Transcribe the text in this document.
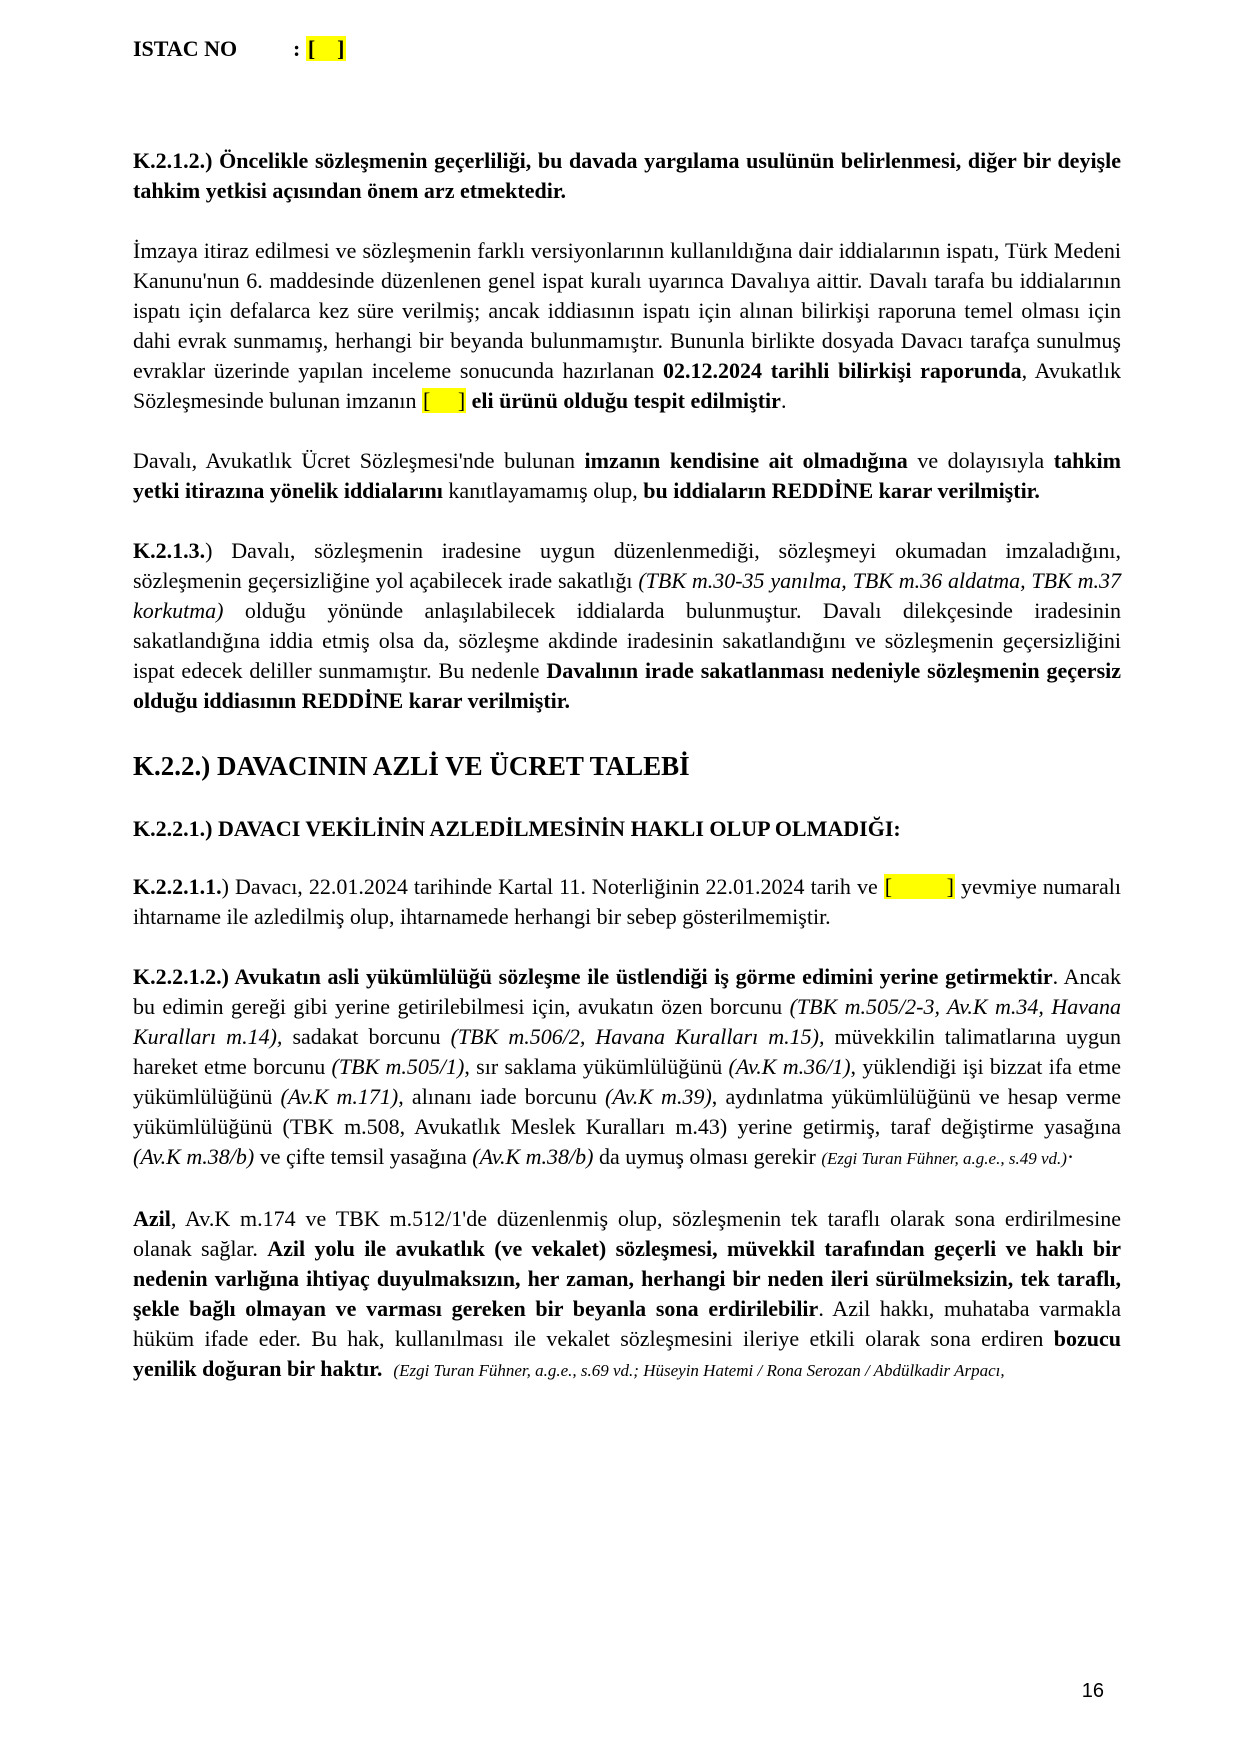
ISTAC NO	: [    ]

K.2.1.2.) Öncelikle sözleşmenin geçerliliği, bu davada yargılama usulünün belirlenmesi, diğer bir deyişle tahkim yetkisi açısından önem arz etmektedir.

İmzaya itiraz edilmesi ve sözleşmenin farklı versiyonlarının kullanıldığına dair iddialarının ispatı, Türk Medeni Kanunu'nun 6. maddesinde düzenlenen genel ispat kuralı uyarınca Davalıya aittir. Davalı tarafa bu iddialarının ispatı için defalarca kez süre verilmiş; ancak iddiasının ispatı için alınan bilirkişi raporuna temel olması için dahi evrak sunmamış, herhangi bir beyanda bulunmamıştır. Bununla birlikte dosyada Davacı tarafça sunulmuş evraklar üzerinde yapılan inceleme sonucunda hazırlanan 02.12.2024 tarihli bilirkişi raporunda, Avukatlık Sözleşmesinde bulunan imzanın [     ] eli ürünü olduğu tespit edilmiştir.

Davalı, Avukatlık Ücret Sözleşmesi'nde bulunan imzanın kendisine ait olmadığına ve dolayısıyla tahkim yetki itirazına yönelik iddialarını kanıtlayamamış olup, bu iddiaların REDDİNE karar verilmiştir.

K.2.1.3.) Davalı, sözleşmenin iradesine uygun düzenlenmediği, sözleşmeyi okumadan imzaladığını, sözleşmenin geçersizliğine yol açabilecek irade sakatlığı (TBK m.30-35 yanılma, TBK m.36 aldatma, TBK m.37 korkutma) olduğu yönünde anlaşılabilecek iddialarda bulunmuştur. Davalı dilekçesinde iradesinin sakatlandığına iddia etmiş olsa da, sözleşme akdinde iradesinin sakatlandığını ve sözleşmenin geçersizliğini ispat edecek deliller sunmamıştır. Bu nedenle Davalının irade sakatlanması nedeniyle sözleşmenin geçersiz olduğu iddiasının REDDİNE karar verilmiştir.

K.2.2.) DAVACININ AZLİ VE ÜCRET TALEBİ
K.2.2.1.) DAVACI VEKİLİNİN AZLEDİLMESİNİN HAKLI OLUP OLMADIĞI:

K.2.2.1.1.) Davacı, 22.01.2024 tarihinde Kartal 11. Noterliğinin 22.01.2024 tarih ve [         ] yevmiye numaralı ihtarname ile azledilmiş olup, ihtarnamede herhangi bir sebep gösterilmemiştir.

K.2.2.1.2.) Avukatın asli yükümlülüğü sözleşme ile üstlendiği iş görme edimini yerine getirmektir. Ancak bu edimin gereği gibi yerine getirilebilmesi için, avukatın özen borcunu (TBK m.505/2-3, Av.K m.34, Havana Kuralları m.14), sadakat borcunu (TBK m.506/2, Havana Kuralları m.15), müvekkilin talimatlarına uygun hareket etme borcunu (TBK m.505/1), sır saklama yükümlülüğünü (Av.K m.36/1), yüklendiği işi bizzat ifa etme yükümlülüğünü (Av.K m.171), alınanı iade borcunu (Av.K m.39), aydınlatma yükümlülüğünü ve hesap verme yükümlülüğünü (TBK m.508, Avukatlık Meslek Kuralları m.43) yerine getirmiş, taraf değiştirme yasağına (Av.K m.38/b) ve çifte temsil yasağına (Av.K m.38/b) da uymuş olması gerekir (Ezgi Turan Fühner, a.g.e., s.49 vd.)·

Azil, Av.K m.174 ve TBK m.512/1'de düzenlenmiş olup, sözleşmenin tek taraflı olarak sona erdirilmesine olanak sağlar. Azil yolu ile avukatlık (ve vekalet) sözleşmesi, müvekkil tarafından geçerli ve haklı bir nedenin varlığına ihtiyaç duyulmaksızın, her zaman, herhangi bir neden ileri sürülmeksizin, tek taraflı, şekle bağlı olmayan ve varması gereken bir beyanla sona erdirilebilir. Azil hakkı, muhataba varmakla hüküm ifade eder. Bu hak, kullanılması ile vekalet sözleşmesini ileriye etkili olarak sona erdiren bozucu yenilik doğuran bir haktır. (Ezgi Turan Fühner, a.g.e., s.69 vd.; Hüseyin Hatemi / Rona Serozan / Abdülkadir Arpacı,

16
